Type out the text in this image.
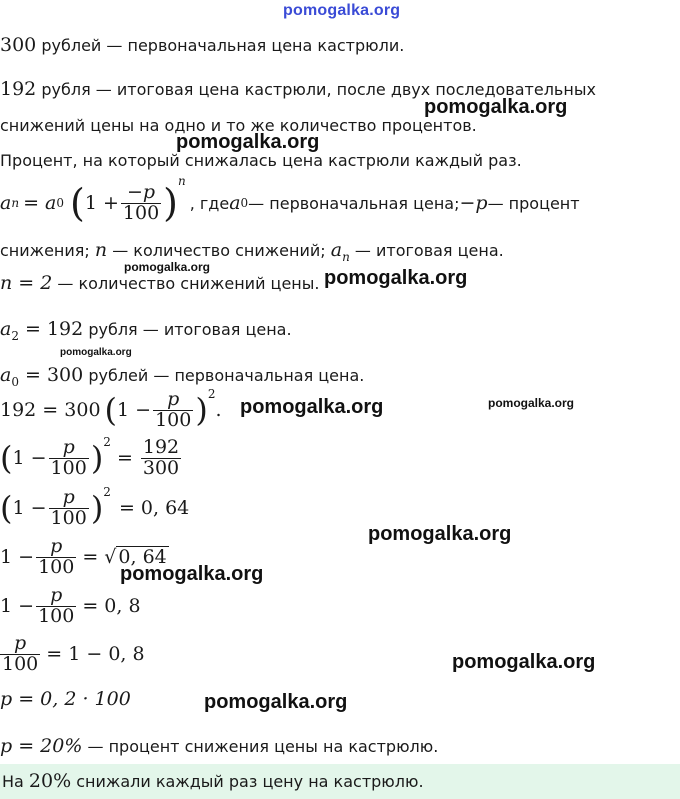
pomogalka.org
300 рублей — первоначальная цена кастрюли.
192 рубля — итоговая цена кастрюли, после двух последовательных
снижений цены на одно и то же количество процентов.
Процент, на который снижалась цена кастрюли каждый раз.
a n = a 0 ( $1 + \frac{-p}{100}$ ) n
, где a 0 — первоначальная цена; −p — процент
снижения; n — количество снижений; $a_n$ — итоговая цена.
n = 2 — количество снижений цены.
$a_2 = 192$ рубля — итоговая цена.
$a_0 = 300$ рублей — первоначальная цена.
192 = 300 ( $1 - \frac{p}{100}$ ) 2
.
( $1 - \frac{p}{100}$ ) 2
= $\frac{192}{300}$
( $1 - \frac{p}{100}$ ) 2
= 0, 64
$1 - \frac{p}{100}$ = √ 0, 64
$1 - \frac{p}{100} = 0$, 8
$\frac{p}{100} = 1 - 0$, 8
p = 0, 2 · 100
p = 20% — процент снижения цены на кастрюлю.
На 20% снижали каждый раз цену на кастрюлю.
pomogalka.org
pomogalka.org
pomogalka.org	pomogalka.org
pomogalka.org
pomogalka.org	pomogalka.org
pomogalka.org
pomogalka.org
pomogalka.org
pomogalka.org
